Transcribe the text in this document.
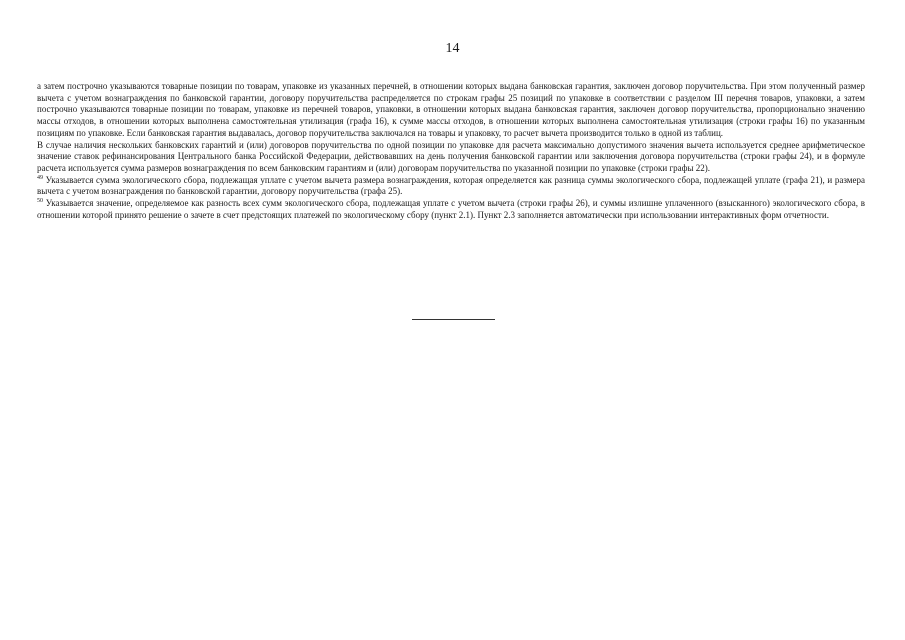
14

а затем построчно указываются товарные позиции по товарам, упаковке из указанных перечней, в отношении которых выдана банковская гарантия, заключен договор поручительства. При этом полученный размер вычета с учетом вознаграждения по банковской гарантии, договору поручительства распределяется по строкам графы 25 позиций по упаковке в соответствии с разделом III перечня товаров, упаковки, а затем построчно указываются товарные позиции по товарам, упаковке из перечней товаров, упаковки, в отношении которых выдана банковская гарантия, заключен договор поручительства, пропорционально значению массы отходов, в отношении которых выполнена самостоятельная утилизация (графа 16), к сумме массы отходов, в отношении которых выполнена самостоятельная утилизация (строки графы 16) по указанным позициям по упаковке. Если банковская гарантия выдавалась, договор поручительства заключался на товары и упаковку, то расчет вычета производится только в одной из таблиц.

В случае наличия нескольких банковских гарантий и (или) договоров поручительства по одной позиции по упаковке для расчета максимально допустимого значения вычета используется среднее арифметическое значение ставок рефинансирования Центрального банка Российской Федерации, действовавших на день получения банковской гарантии или заключения договора поручительства (строки графы 24), и в формуле расчета используется сумма размеров вознаграждения по всем банковским гарантиям и (или) договорам поручительства по указанной позиции по упаковке (строки графы 22).

$^{49}$ Указывается сумма экологического сбора, подлежащая уплате с учетом вычета размера вознаграждения, которая определяется как разница суммы экологического сбора, подлежащей уплате (графа 21), и размера вычета с учетом вознаграждения по банковской гарантии, договору поручительства (графа 25).

$^{50}$ Указывается значение, определяемое как разность всех сумм экологического сбора, подлежащая уплате с учетом вычета (строки графы 26), и суммы излишне уплаченного (взысканного) экологического сбора, в отношении которой принято решение о зачете в счет предстоящих платежей по экологическому сбору (пункт 2.1). Пункт 2.3 заполняется автоматически при использовании интерактивных форм отчетности.
